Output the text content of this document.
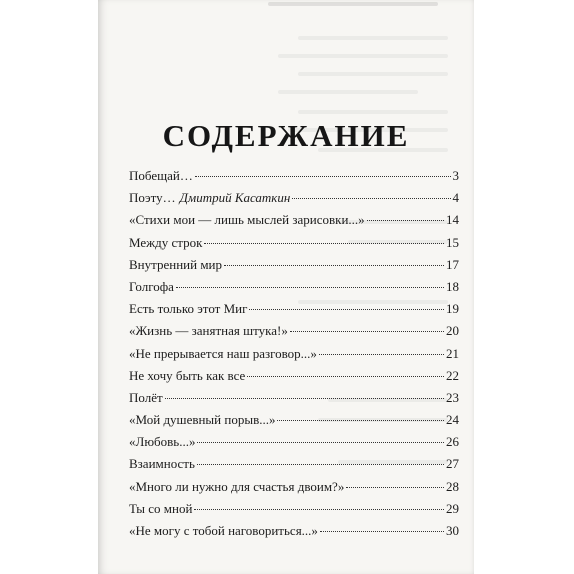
СОДЕРЖАНИЕ
Побещай…	3
Поэту… Дмитрий Касаткин	4
«Стихи мои — лишь мыслей зарисовки...»	14
Между строк	15
Внутренний мир	17
Голгофа	18
Есть только этот Миг	19
«Жизнь — занятная штука!»	20
«Не прерывается наш разговор...»	21
Не хочу быть как все	22
Полёт	23
«Мой душевный порыв...»	24
«Любовь...»	26
Взаимность	27
«Много ли нужно для счастья двоим?»	28
Ты со мной	29
«Не могу с тобой наговориться...»	30
